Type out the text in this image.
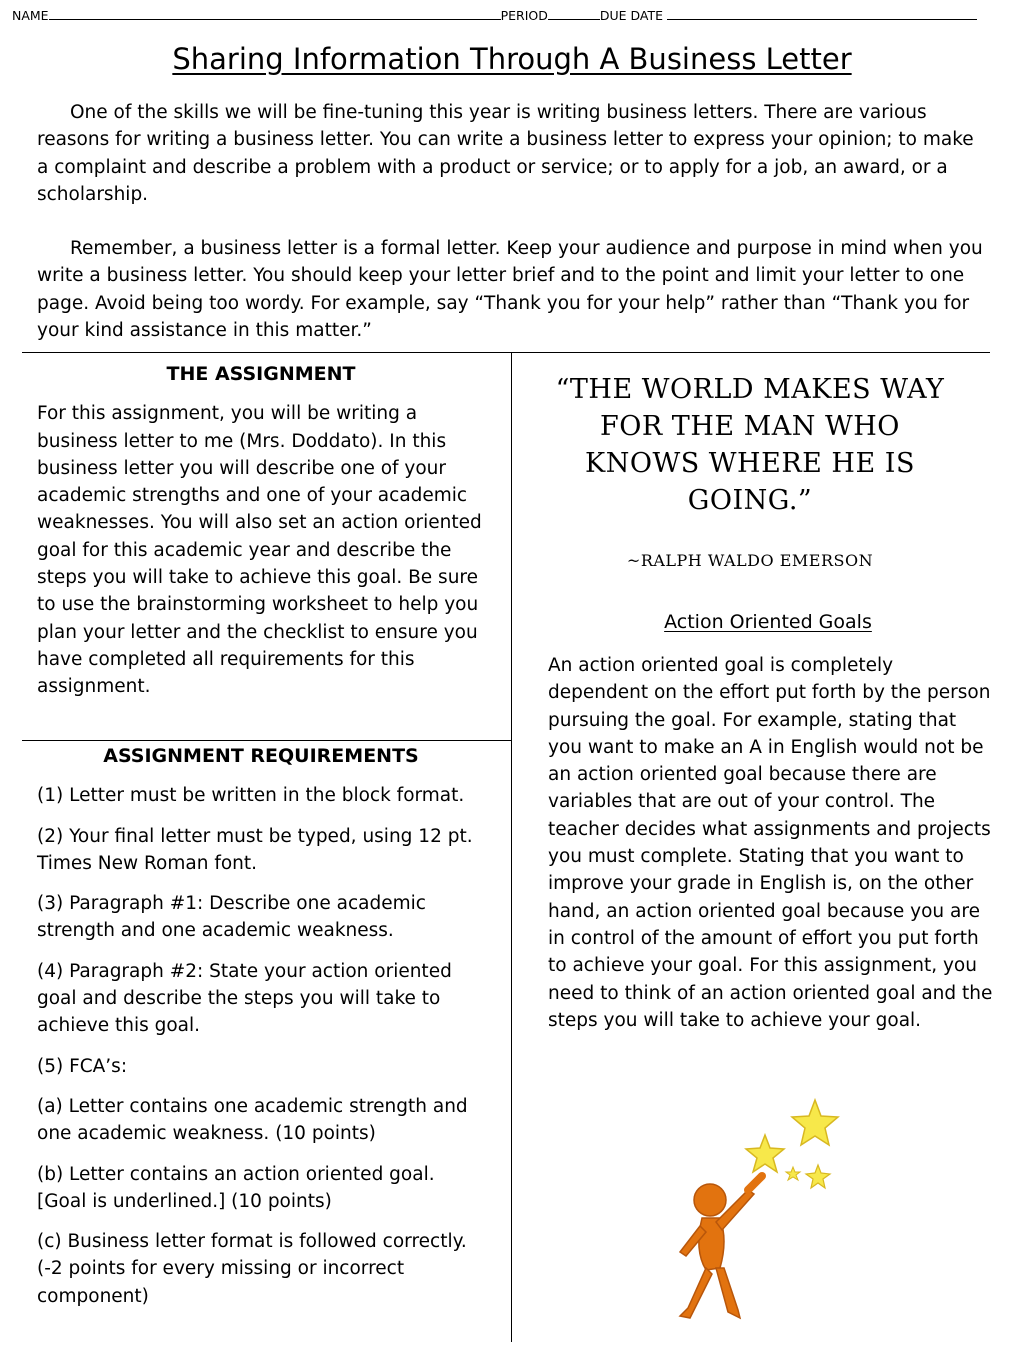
NAME	PERIOD	DUE DATE
Sharing Information Through A Business Letter

One of the skills we will be fine-tuning this year is writing business letters. There are various reasons for writing a business letter. You can write a business letter to express your opinion; to make a complaint and describe a problem with a product or service; or to apply for a job, an award, or a scholarship.

Remember, a business letter is a formal letter. Keep your audience and purpose in mind when you write a business letter. You should keep your letter brief and to the point and limit your letter to one page. Avoid being too wordy. For example, say “Thank you for your help” rather than “Thank you for your kind assistance in this matter.”

THE ASSIGNMENT

For this assignment, you will be writing a business letter to me (Mrs. Doddato). In this business letter you will describe one of your academic strengths and one of your academic weaknesses. You will also set an action oriented goal for this academic year and describe the steps you will take to achieve this goal. Be sure to use the brainstorming worksheet to help you plan your letter and the checklist to ensure you have completed all requirements for this assignment.

ASSIGNMENT REQUIREMENTS
(1) Letter must be written in the block format.
(2) Your final letter must be typed, using 12 pt. Times New Roman font.
(3) Paragraph #1: Describe one academic strength and one academic weakness.
(4) Paragraph #2: State your action oriented goal and describe the steps you will take to achieve this goal.
(5) FCA’s:
(a) Letter contains one academic strength and one academic weakness. (10 points)
(b) Letter contains an action oriented goal. [Goal is underlined.] (10 points)
(c) Business letter format is followed correctly. (-2 points for every missing or incorrect component)

“THE WORLD MAKES WAY FOR THE MAN WHO KNOWS WHERE HE IS GOING.”

~RALPH WALDO EMERSON

Action Oriented Goals

An action oriented goal is completely dependent on the effort put forth by the person pursuing the goal. For example, stating that you want to make an A in English would not be an action oriented goal because there are variables that are out of your control. The teacher decides what assignments and projects you must complete. Stating that you want to improve your grade in English is, on the other hand, an action oriented goal because you are in control of the amount of effort you put forth to achieve your goal. For this assignment, you need to think of an action oriented goal and the steps you will take to achieve your goal.
